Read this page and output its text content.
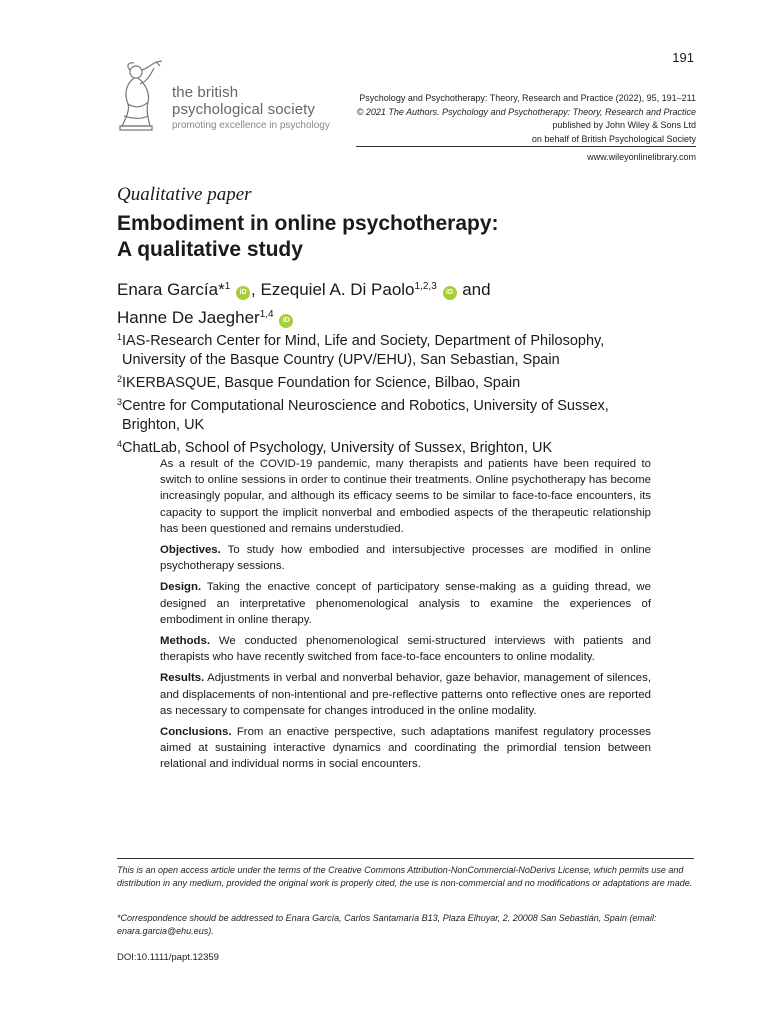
191
the british
psychological society
promoting excellence in psychology
Psychology and Psychotherapy: Theory, Research and Practice (2022), 95, 191–211
© 2021 The Authors. Psychology and Psychotherapy: Theory, Research and Practice
published by John Wiley & Sons Ltd
on behalf of British Psychological Society
www.wileyonlinelibrary.com
Qualitative paper
Embodiment in online psychotherapy:
A qualitative study
Enara García*$^1$ iD , Ezequiel A. Di Paolo$^{1,2,3}$ iD and
Hanne De Jaegher$^{1,4}$ iD
$^1$IAS-Research Center for Mind, Life and Society, Department of Philosophy,
University of the Basque Country (UPV/EHU), San Sebastian, Spain
$^2$IKERBASQUE, Basque Foundation for Science, Bilbao, Spain
$^3$Centre for Computational Neuroscience and Robotics, University of Sussex,
Brighton, UK
$^4$ChatLab, School of Psychology, University of Sussex, Brighton, UK

As a result of the COVID-19 pandemic, many therapists and patients have been required to switch to online sessions in order to continue their treatments. Online psychotherapy has become increasingly popular, and although its efficacy seems to be similar to face-to-face encounters, its capacity to support the implicit nonverbal and embodied aspects of the therapeutic relationship has been questioned and remains understudied.

Objectives. To study how embodied and intersubjective processes are modified in online psychotherapy sessions.

Design. Taking the enactive concept of participatory sense-making as a guiding thread, we designed an interpretative phenomenological analysis to examine the experiences of embodiment in online therapy.

Methods. We conducted phenomenological semi-structured interviews with patients and therapists who have recently switched from face-to-face encounters to online modality.

Results. Adjustments in verbal and nonverbal behavior, gaze behavior, management of silences, and displacements of non-intentional and pre-reflective patterns onto reflective ones are reported as necessary to compensate for changes introduced in the online modality.

Conclusions. From an enactive perspective, such adaptations manifest regulatory processes aimed at sustaining interactive dynamics and coordinating the primordial tension between relational and individual norms in social encounters.

This is an open access article under the terms of the Creative Commons Attribution-NonCommercial-NoDerivs License, which permits use and distribution in any medium, provided the original work is properly cited, the use is non-commercial and no modifications or adaptations are made.
*Correspondence should be addressed to Enara García, Carlos Santamaría B13, Plaza Elhuyar, 2. 20008 San Sebastián, Spain (email: enara.garcia@ehu.eus).
DOI:10.1111/papt.12359
